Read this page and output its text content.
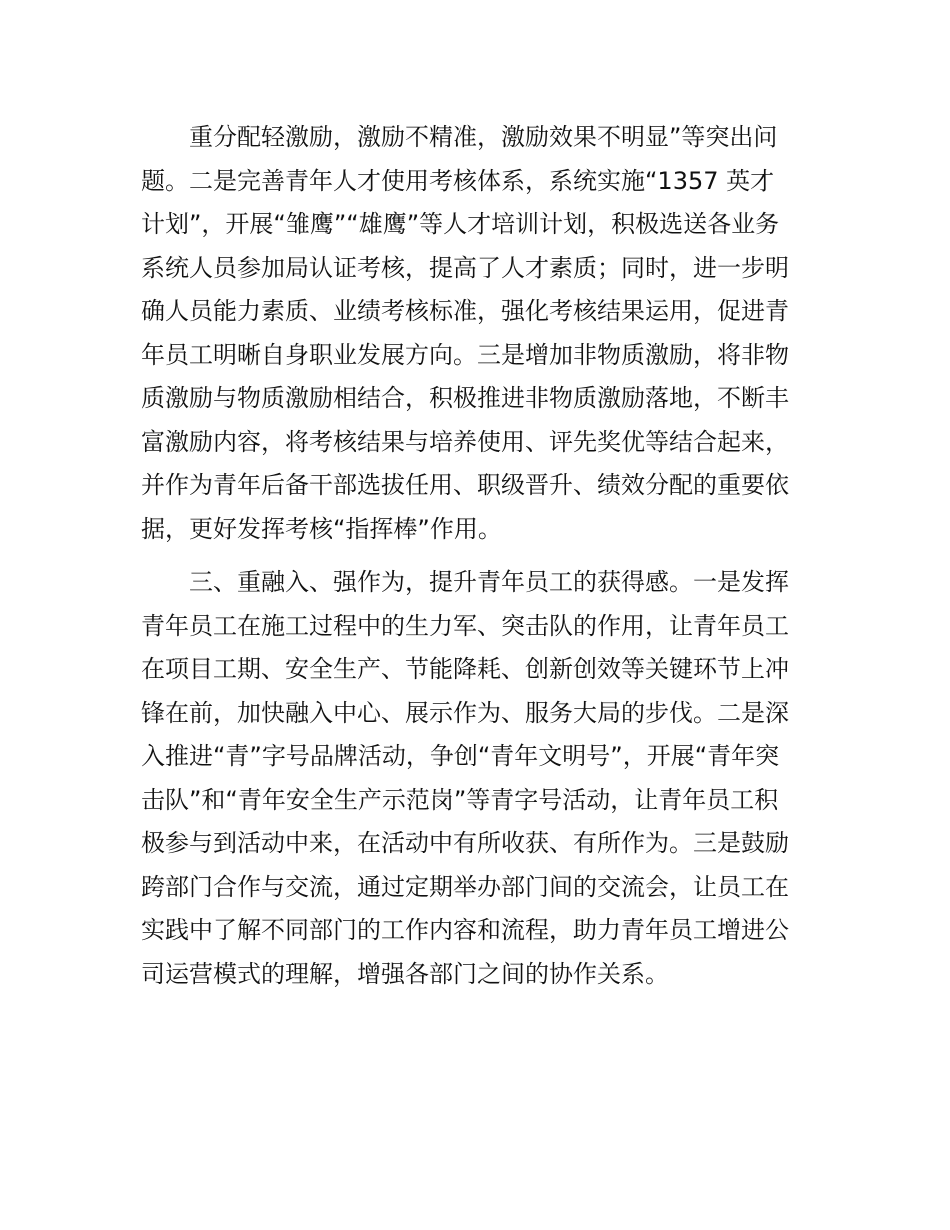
重分配轻激励，激励不精准，激励效果不明显”等突出问
题。二是完善青年人才使用考核体系，系统实施“1357 英才
计划”，开展“雏鹰”“雄鹰”等人才培训计划，积极选送各业务
系统人员参加局认证考核，提高了人才素质；同时，进一步明
确人员能力素质、业绩考核标准，强化考核结果运用，促进青
年员工明晰自身职业发展方向。三是增加非物质激励，将非物
质激励与物质激励相结合，积极推进非物质激励落地，不断丰
富激励内容，将考核结果与培养使用、评先奖优等结合起来，
并作为青年后备干部选拔任用、职级晋升、绩效分配的重要依
据，更好发挥考核“指挥棒”作用。
三、重融入、强作为，提升青年员工的获得感。一是发挥
青年员工在施工过程中的生力军、突击队的作用，让青年员工
在项目工期、安全生产、节能降耗、创新创效等关键环节上冲
锋在前，加快融入中心、展示作为、服务大局的步伐。二是深
入推进“青”字号品牌活动，争创“青年文明号”，开展“青年突
击队”和“青年安全生产示范岗”等青字号活动，让青年员工积
极参与到活动中来，在活动中有所收获、有所作为。三是鼓励
跨部门合作与交流，通过定期举办部门间的交流会，让员工在
实践中了解不同部门的工作内容和流程，助力青年员工增进公
司运营模式的理解，增强各部门之间的协作关系。
